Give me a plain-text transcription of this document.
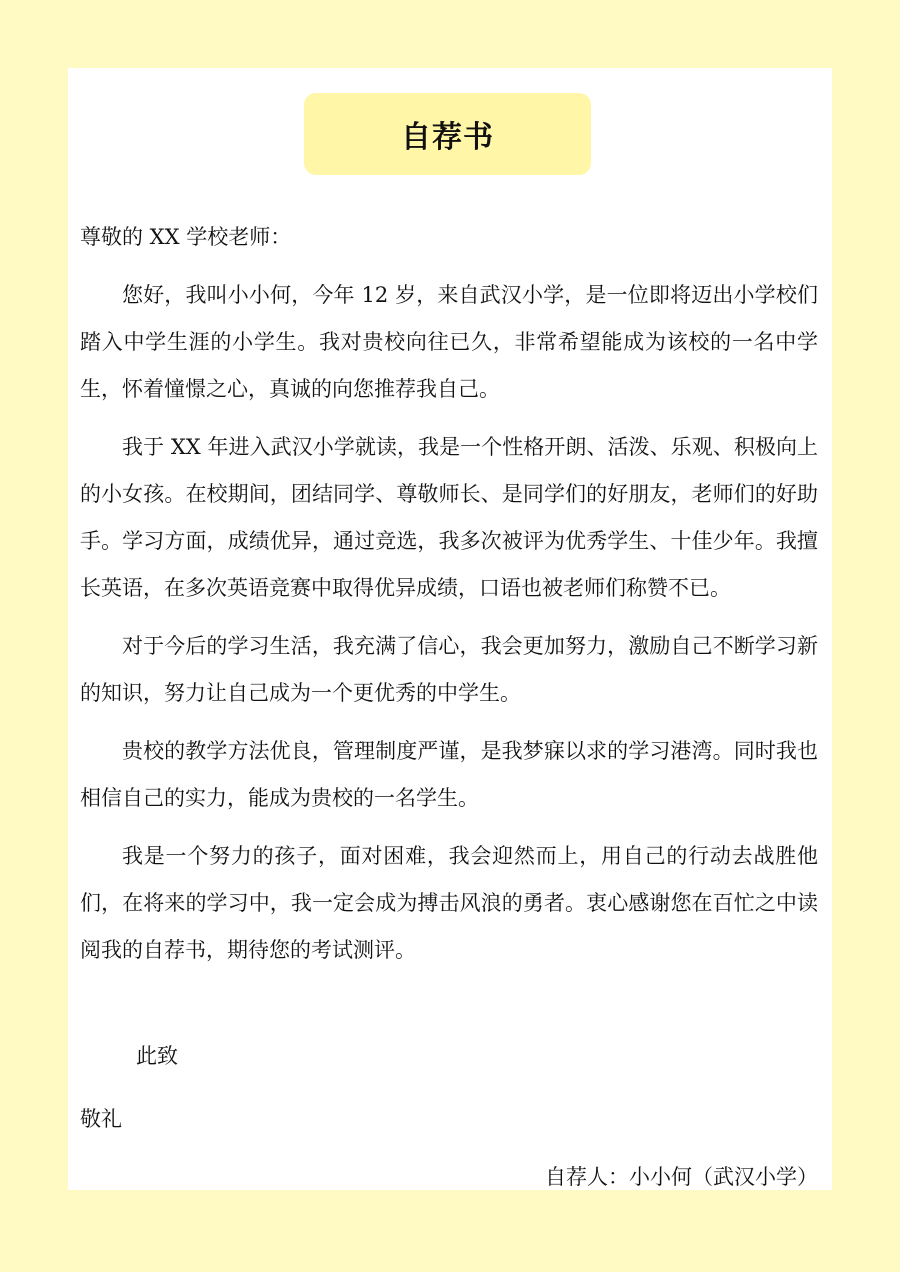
自荐书

尊敬的 XX 学校老师：

您好，我叫小小何，今年 12 岁，来自武汉小学，是一位即将迈出小学校们踏入中学生涯的小学生。我对贵校向往已久，非常希望能成为该校的一名中学生，怀着憧憬之心，真诚的向您推荐我自己。

我于 XX 年进入武汉小学就读，我是一个性格开朗、活泼、乐观、积极向上的小女孩。在校期间，团结同学、尊敬师长、是同学们的好朋友，老师们的好助手。学习方面，成绩优异，通过竞选，我多次被评为优秀学生、十佳少年。我擅长英语，在多次英语竞赛中取得优异成绩，口语也被老师们称赞不已。

对于今后的学习生活，我充满了信心，我会更加努力，激励自己不断学习新的知识，努力让自己成为一个更优秀的中学生。

贵校的教学方法优良，管理制度严谨，是我梦寐以求的学习港湾。同时我也相信自己的实力，能成为贵校的一名学生。

我是一个努力的孩子，面对困难，我会迎然而上，用自己的行动去战胜他们，在将来的学习中，我一定会成为搏击风浪的勇者。衷心感谢您在百忙之中读阅我的自荐书，期待您的考试测评。

此致
敬礼
自荐人：小小何（武汉小学）
